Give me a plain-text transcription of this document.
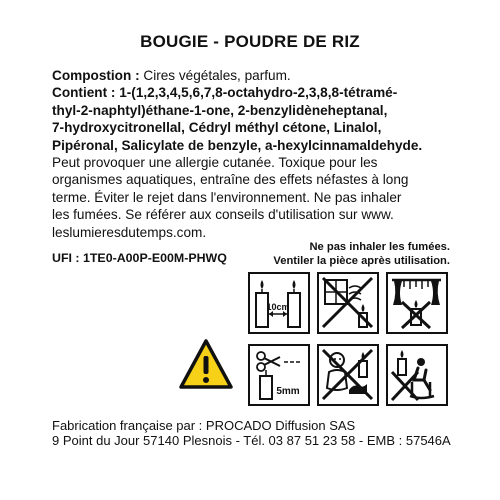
BOUGIE - POUDRE DE RIZ

Compostion : Cires végétales, parfum.

Contient : 1-(1,2,3,4,5,6,7,8-octahydro-2,3,8,8-tétramé-
thyl-2-naphtyl)éthane-1-one, 2-benzylidèneheptanal,
7-hydroxycitronellal, Cédryl méthyl cétone, Linalol,
Pipéronal, Salicylate de benzyle, a-hexylcinnamaldehyde.

Peut provoquer une allergie cutanée. Toxique pour les
organismes aquatiques, entraîne des effets néfastes à long
terme. Éviter le rejet dans l'environnement. Ne pas inhaler
les fumées. Se référer aux conseils d'utilisation sur www.
leslumieresdutemps.com.

UFI : 1TE0-A00P-E00M-PHWQ
Ne pas inhaler les fumées.
Ventiler la pièce après utilisation.
10cm
5mm
Fabrication française par : PROCADO Diffusion SAS
9 Point du Jour 57140 Plesnois - Tél. 03 87 51 23 58 - EMB : 57546A
